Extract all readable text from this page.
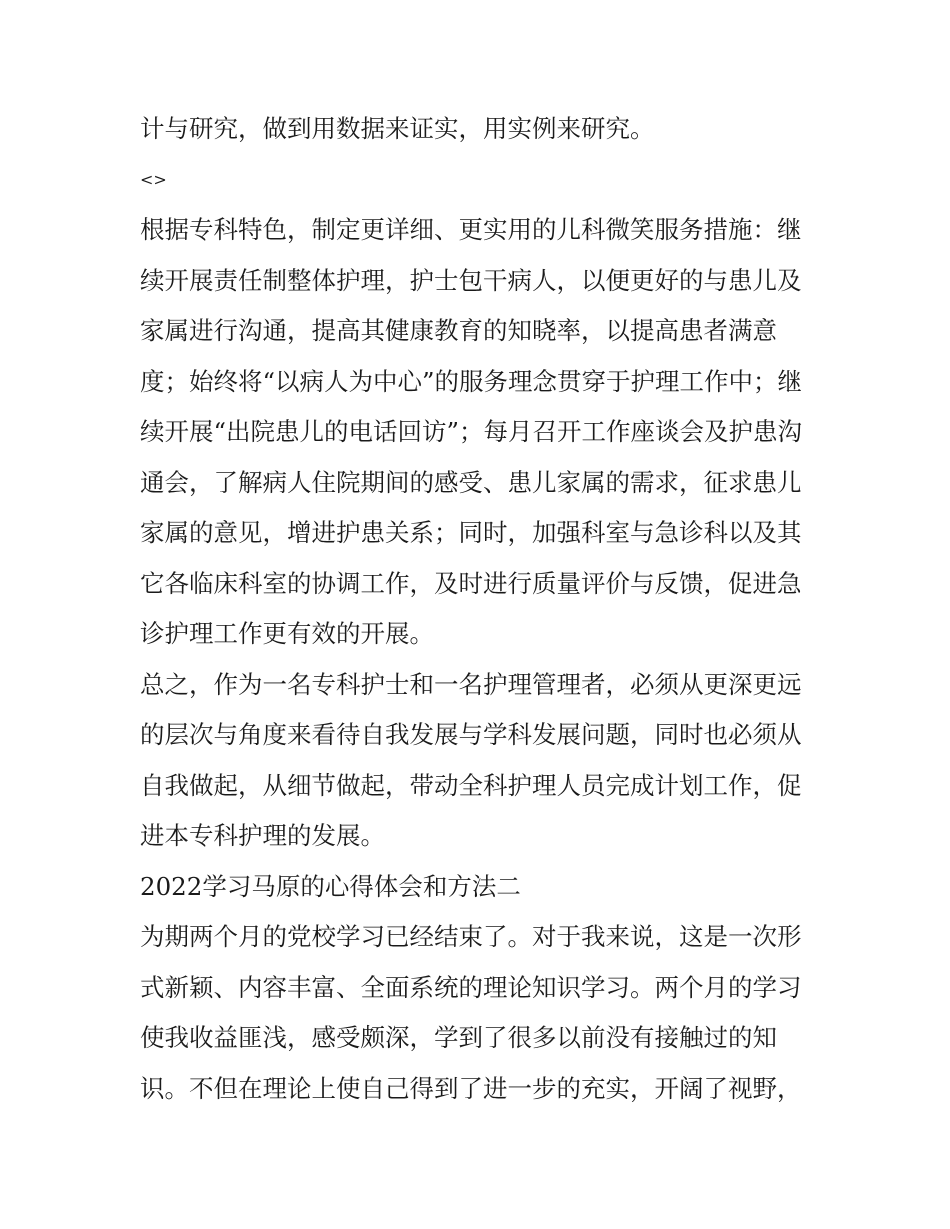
计与研究，做到用数据来证实，用实例来研究。
<>
根据专科特色，制定更详细、更实用的儿科微笑服务措施：继
续开展责任制整体护理，护士包干病人，以便更好的与患儿及
家属进行沟通，提高其健康教育的知晓率，以提高患者满意
度；始终将“以病人为中心”的服务理念贯穿于护理工作中；继
续开展“出院患儿的电话回访”；每月召开工作座谈会及护患沟
通会，了解病人住院期间的感受、患儿家属的需求，征求患儿
家属的意见，增进护患关系；同时，加强科室与急诊科以及其
它各临床科室的协调工作，及时进行质量评价与反馈，促进急
诊护理工作更有效的开展。
总之，作为一名专科护士和一名护理管理者，必须从更深更远
的层次与角度来看待自我发展与学科发展问题，同时也必须从
自我做起，从细节做起，带动全科护理人员完成计划工作，促
进本专科护理的发展。
2022学习马原的心得体会和方法二
为期两个月的党校学习已经结束了。对于我来说，这是一次形
式新颖、内容丰富、全面系统的理论知识学习。两个月的学习
使我收益匪浅，感受颇深，学到了很多以前没有接触过的知
识。不但在理论上使自己得到了进一步的充实，开阔了视野，
